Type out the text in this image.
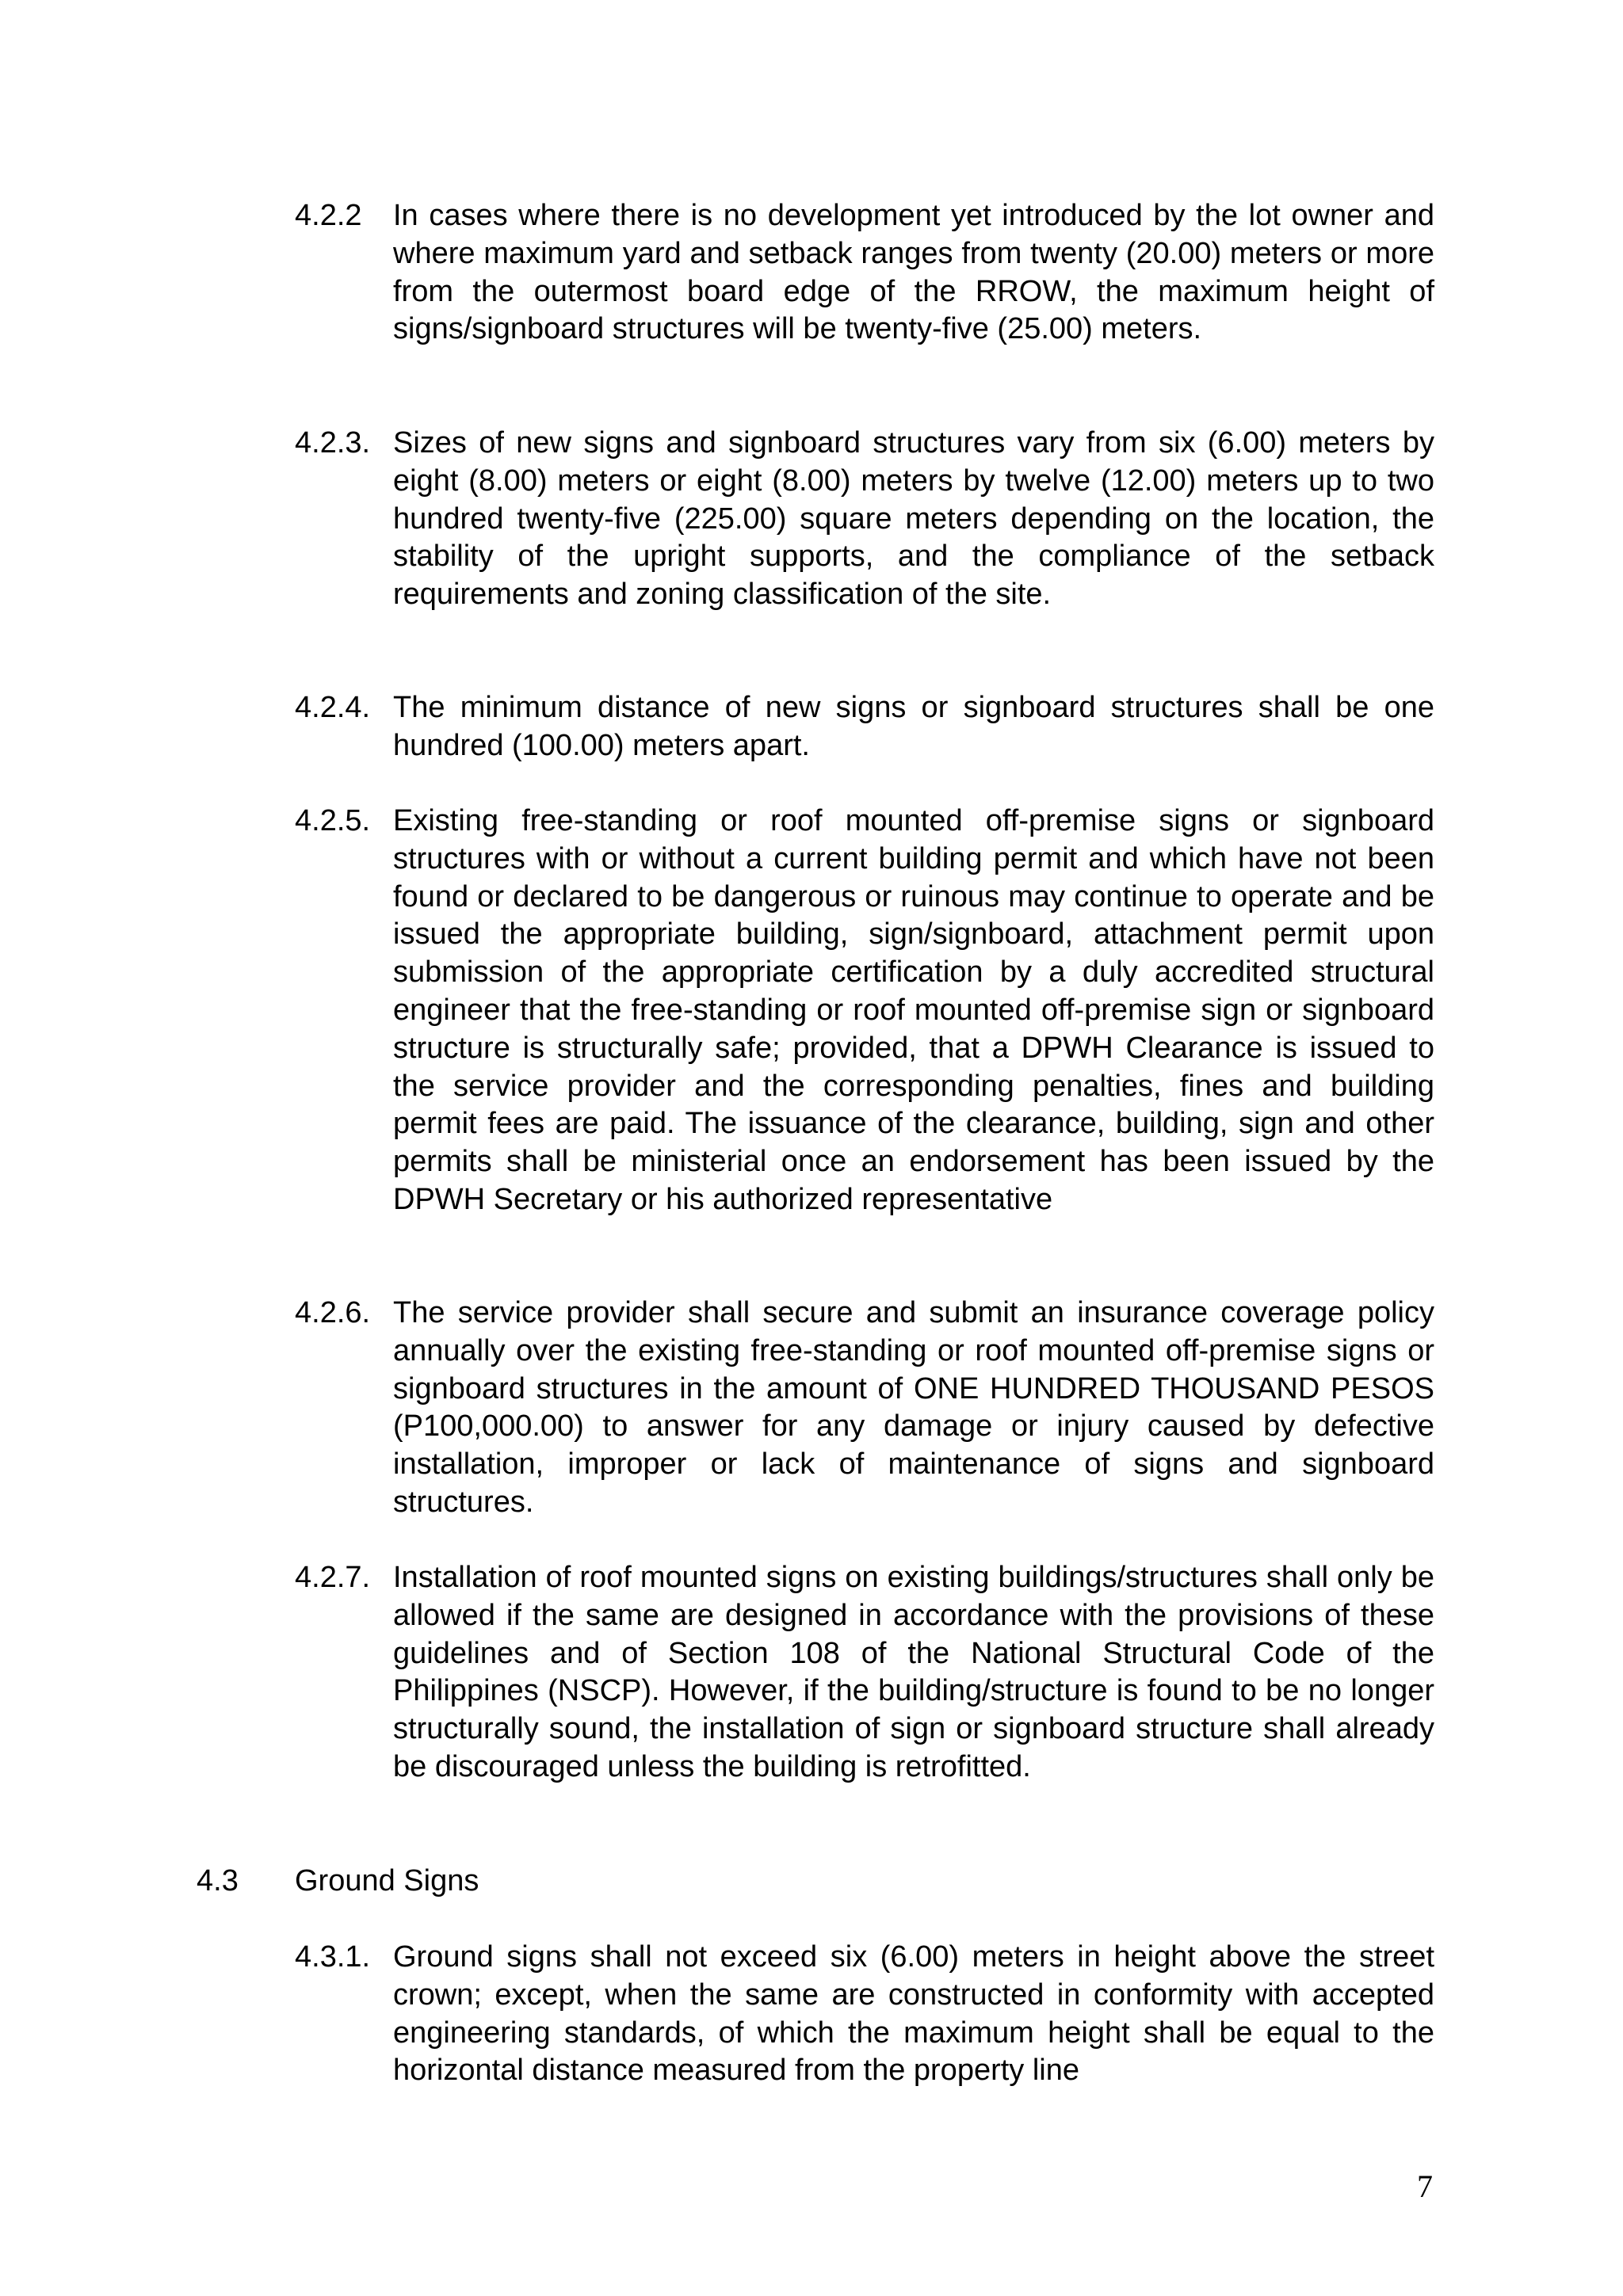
4.2.2 In cases where there is no development yet introduced by the lot owner and where maximum yard and setback ranges from twenty (20.00) meters or more from the outermost board edge of the RROW, the maximum height of signs/signboard structures will be twenty-five (25.00) meters.
4.2.3. Sizes of new signs and signboard structures vary from six (6.00) meters by eight (8.00) meters or eight (8.00) meters by twelve (12.00) meters up to two hundred twenty-five (225.00) square meters depending on the location, the stability of the upright supports, and the compliance of the setback requirements and zoning classification of the site.
4.2.4. The minimum distance of new signs or signboard structures shall be one hundred (100.00) meters apart.
4.2.5. Existing free-standing or roof mounted off-premise signs or signboard structures with or without a current building permit and which have not been found or declared to be dangerous or ruinous may continue to operate and be issued the appropriate building, sign/signboard, attachment permit upon submission of the appropriate certification by a duly accredited structural engineer that the free-standing or roof mounted off-premise sign or signboard structure is structurally safe; provided, that a DPWH Clearance is issued to the service provider and the corresponding penalties, fines and building permit fees are paid. The issuance of the clearance, building, sign and other permits shall be ministerial once an endorsement has been issued by the DPWH Secretary or his authorized representative
4.2.6. The service provider shall secure and submit an insurance coverage policy annually over the existing free-standing or roof mounted off-premise signs or signboard structures in the amount of ONE HUNDRED THOUSAND PESOS (P100,000.00) to answer for any damage or injury caused by defective installation, improper or lack of maintenance of signs and signboard structures.
4.2.7. Installation of roof mounted signs on existing buildings/structures shall only be allowed if the same are designed in accordance with the provisions of these guidelines and of Section 108 of the National Structural Code of the Philippines (NSCP). However, if the building/structure is found to be no longer structurally sound, the installation of sign or signboard structure shall already be discouraged unless the building is retrofitted.
4.3 Ground Signs
4.3.1. Ground signs shall not exceed six (6.00) meters in height above the street crown; except, when the same are constructed in conformity with accepted engineering standards, of which the maximum height shall be equal to the horizontal distance measured from the property line
7
